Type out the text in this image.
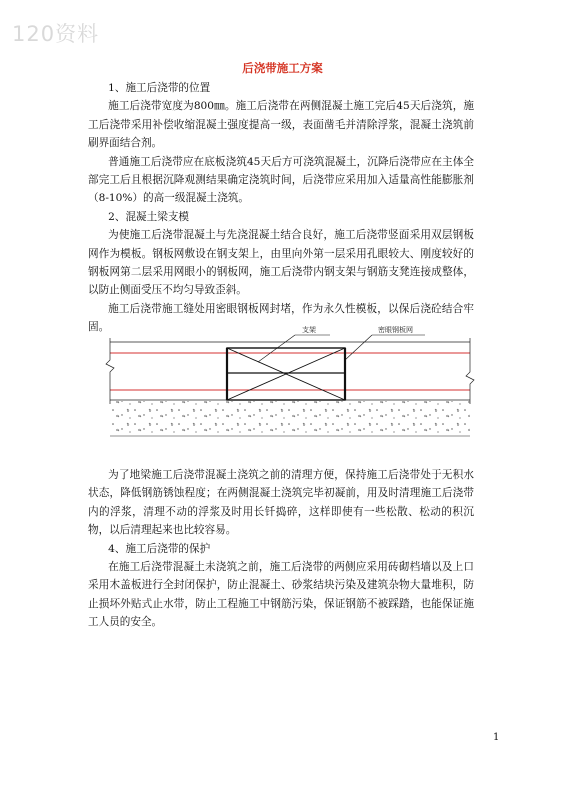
120资料
后浇带施工方案

1、施工后浇带的位置

施工后浇带宽度为800㎜。施工后浇带在两侧混凝土施工完后45天后浇筑，施工后浇带采用补偿收缩混凝土强度提高一级，表面凿毛并清除浮浆，混凝土浇筑前刷界面结合剂。

普通施工后浇带应在底板浇筑45天后方可浇筑混凝土，沉降后浇带应在主体全部完工后且根据沉降观测结果确定浇筑时间，后浇带应采用加入适量高性能膨胀剂（8-10%）的高一级混凝土浇筑。

2、混凝土梁支模

为使施工后浇带混凝土与先浇混凝土结合良好，施工后浇带竖面采用双层钢板网作为模板。钢板网敷设在钢支架上，由里向外第一层采用孔眼较大、刚度较好的钢板网第二层采用网眼小的钢板网，施工后浇带内钢支架与钢筋支凳连接成整体，以防止侧面受压不均匀导致歪斜。

施工后浇带施工缝处用密眼钢板网封堵，作为永久性模板，以保后浇砼结合牢固。	支架	密眼钢板网

为了地梁施工后浇带混凝土浇筑之前的清理方便，保持施工后浇带处于无积水状态，降低钢筋锈蚀程度；在两侧混凝土浇筑完毕初凝前，用及时清理施工后浇带内的浮浆，清理不动的浮浆及时用长钎捣碎，这样即使有一些松散、松动的积沉物，以后清理起来也比较容易。

4、施工后浇带的保护

在施工后浇带混凝土未浇筑之前，施工后浇带的两侧应采用砖砌档墙以及上口采用木盖板进行全封闭保护，防止混凝土、砂浆结块污染及建筑杂物大量堆积，防止损坏外贴式止水带，防止工程施工中钢筋污染，保证钢筋不被踩踏，也能保证施工人员的安全。

1
